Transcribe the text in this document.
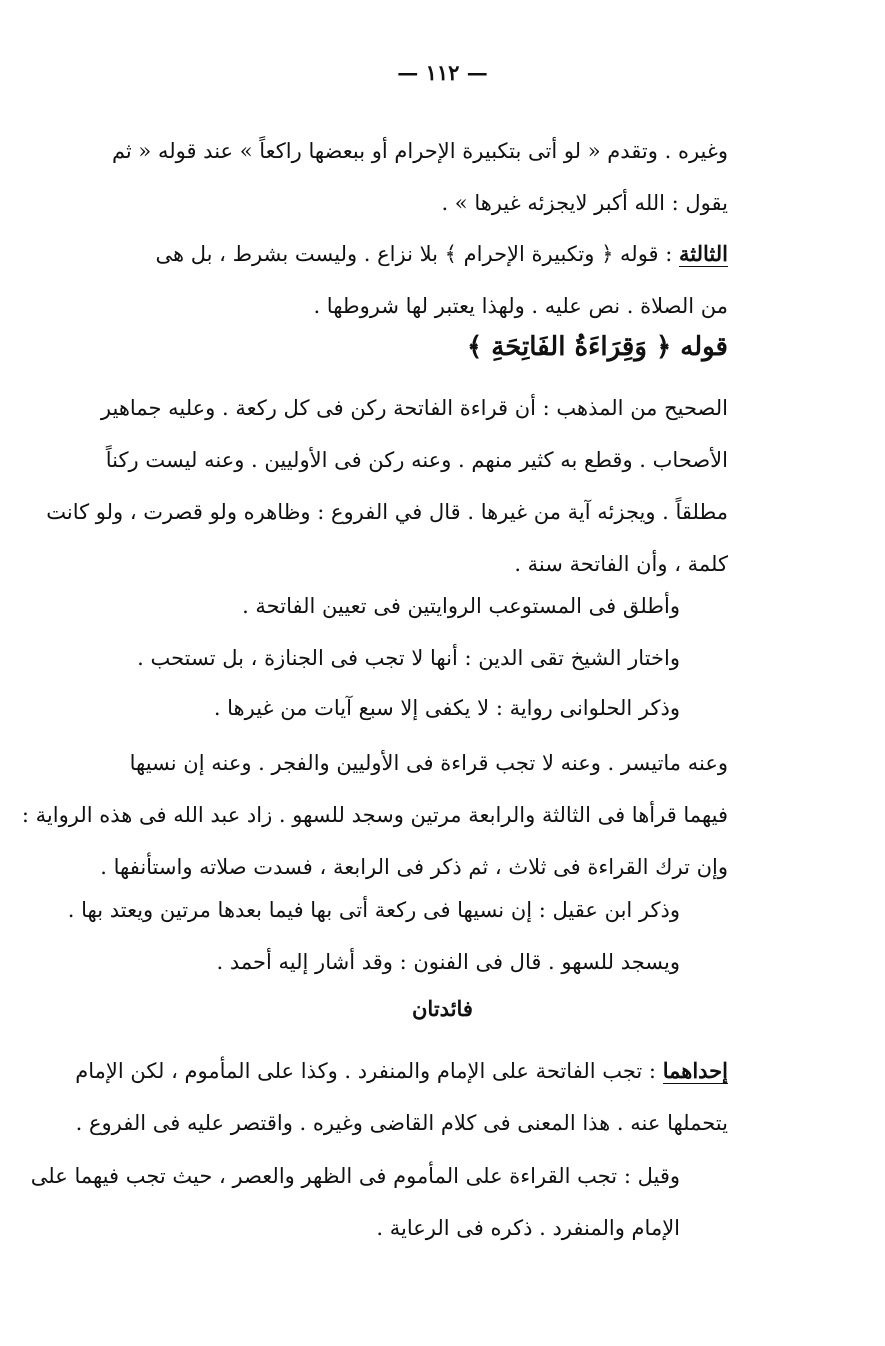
— ١١٢ —
وغيره . وتقدم « لو أتى بتكبيرة الإحرام أو ببعضها راكعاً » عند قوله « ثم
يقول : الله أكبر لايجزئه غيرها » .
الثالثة : قوله ﴿ وتكبيرة الإحرام ﴾ بلا نزاع . وليست بشرط ، بل هى
من الصلاة . نص عليه . ولهذا يعتبر لها شروطها .
قوله ﴿ وَقِرَاءَةُ الفَاتِحَةِ ﴾
الصحيح من المذهب : أن قراءة الفاتحة ركن فى كل ركعة . وعليه جماهير
الأصحاب . وقطع به كثير منهم . وعنه ركن فى الأوليين . وعنه ليست ركناً
مطلقاً . ويجزئه آية من غيرها . قال في الفروع : وظاهره ولو قصرت ، ولو كانت
كلمة ، وأن الفاتحة سنة .
وأطلق فى المستوعب الروايتين فى تعيين الفاتحة .
واختار الشيخ تقى الدين : أنها لا تجب فى الجنازة ، بل تستحب .
وذكر الحلوانى رواية : لا يكفى إلا سبع آيات من غيرها .
وعنه ماتيسر . وعنه لا تجب قراءة فى الأوليين والفجر . وعنه إن نسيها
فيهما قرأها فى الثالثة والرابعة مرتين وسجد للسهو . زاد عبد الله فى هذه الرواية :
وإن ترك القراءة فى ثلاث ، ثم ذكر فى الرابعة ، فسدت صلاته واستأنفها .
وذكر ابن عقيل : إن نسيها فى ركعة أتى بها فيما بعدها مرتين ويعتد بها .
ويسجد للسهو . قال فى الفنون : وقد أشار إليه أحمد .
فائدتان
إحداهما : تجب الفاتحة على الإمام والمنفرد . وكذا على المأموم ، لكن الإمام
يتحملها عنه . هذا المعنى فى كلام القاضى وغيره . واقتصر عليه فى الفروع .
وقيل : تجب القراءة على المأموم فى الظهر والعصر ، حيث تجب فيهما على
الإمام والمنفرد . ذكره فى الرعاية .
